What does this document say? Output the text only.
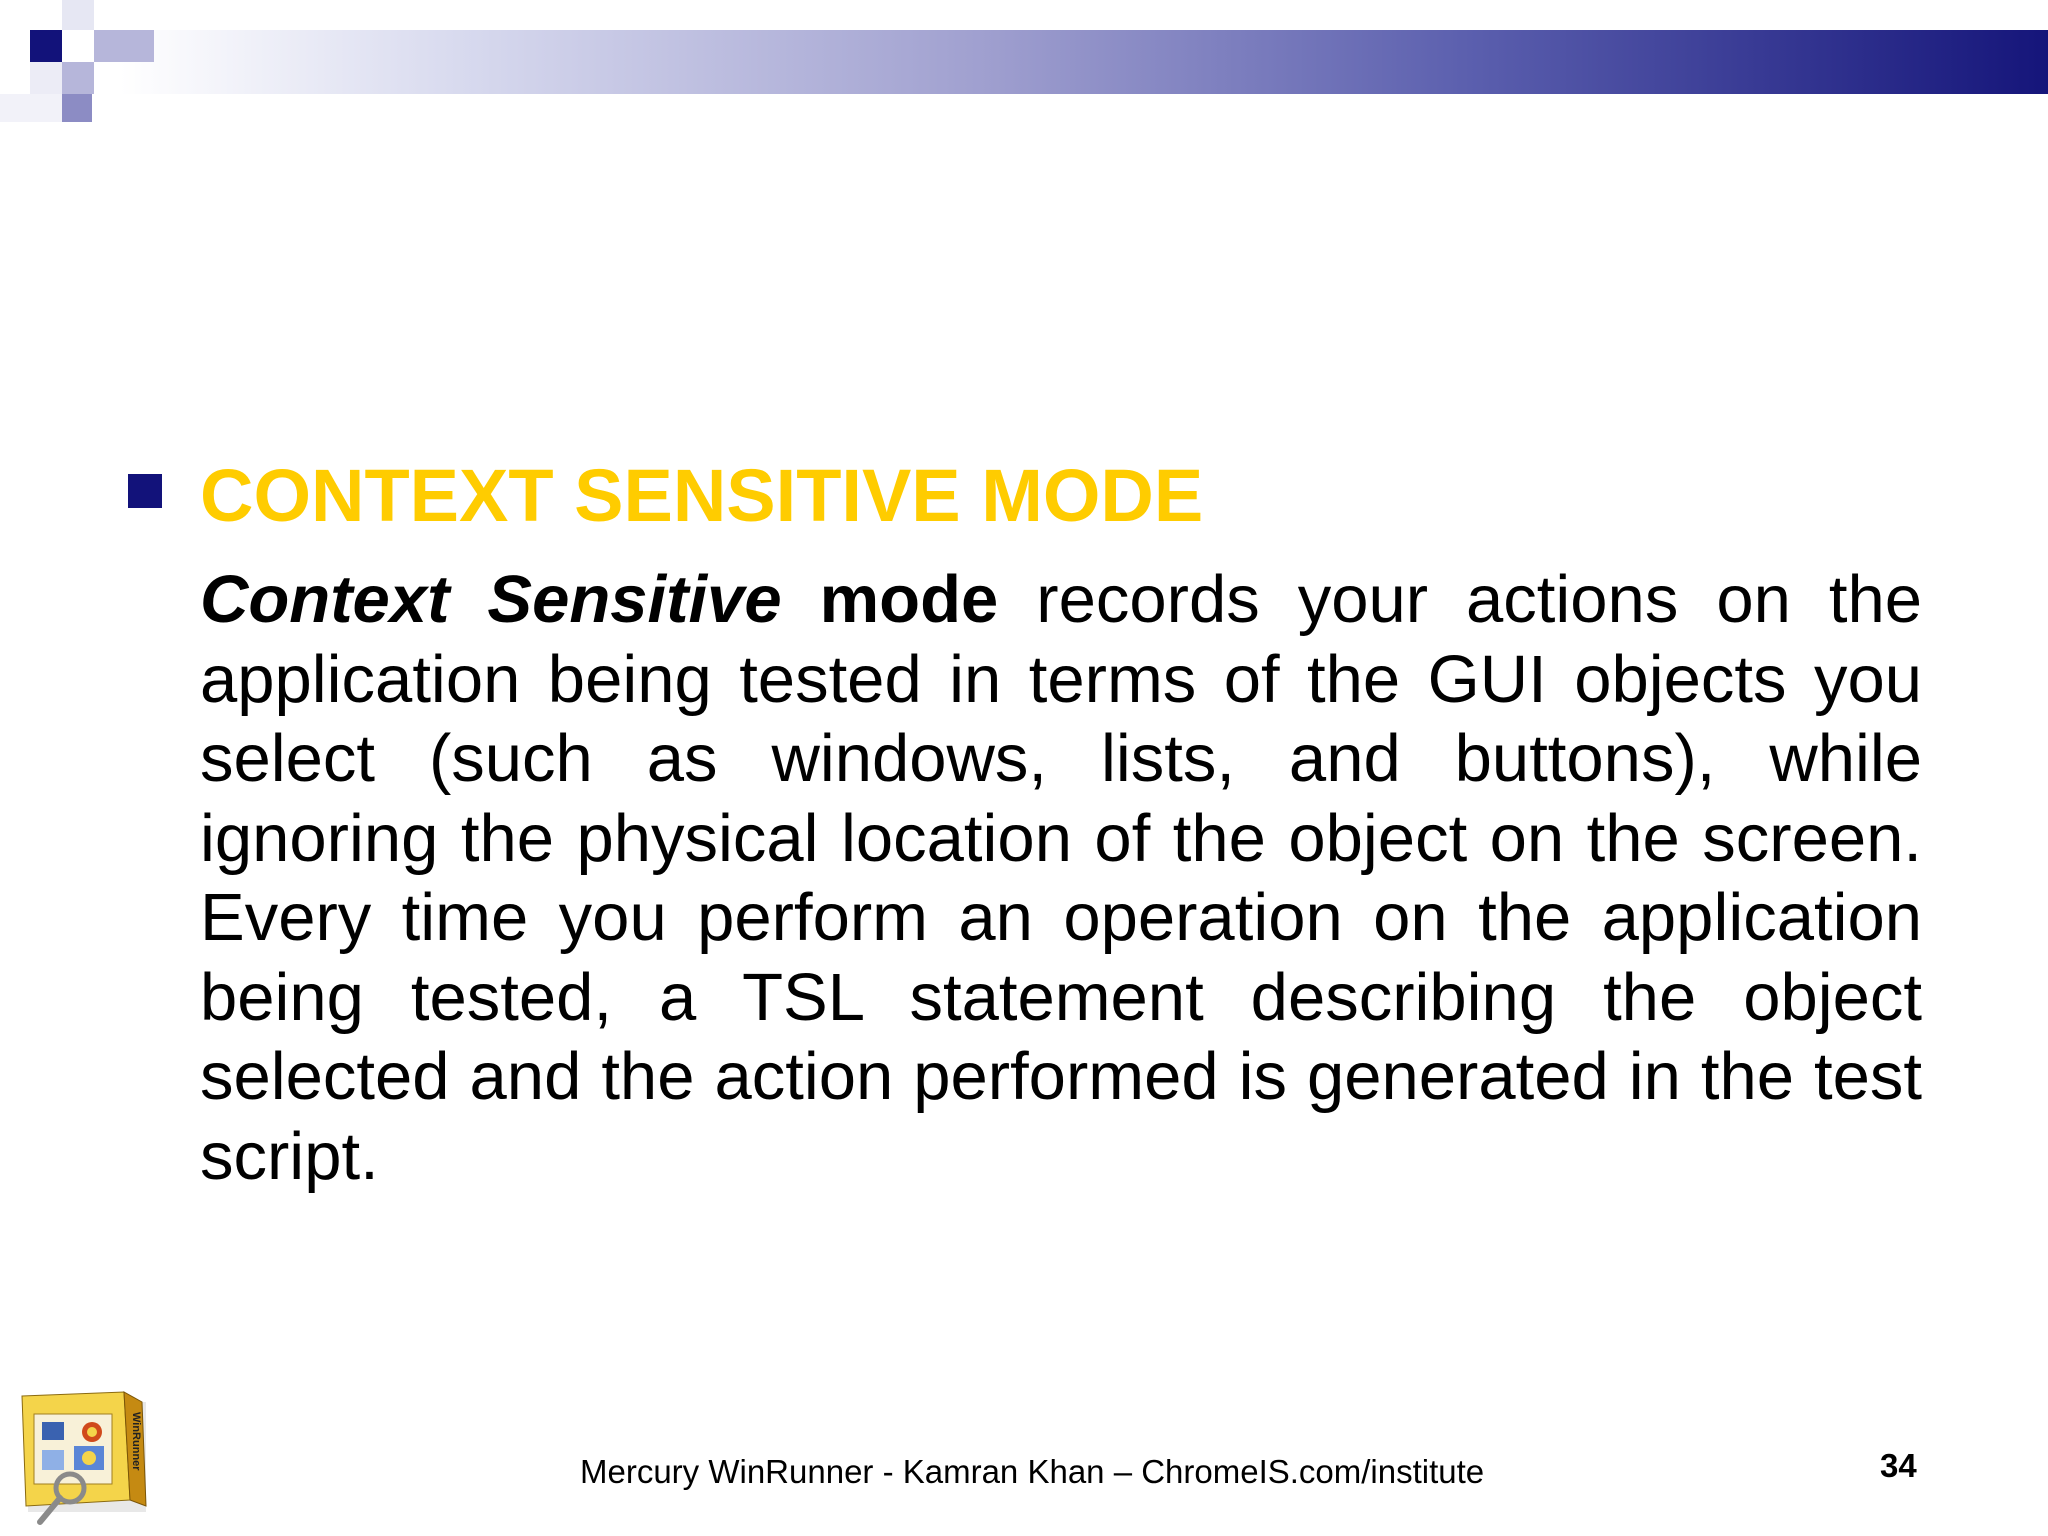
CONTEXT SENSITIVE MODE

Context Sensitive mode records your actions on the application being tested in terms of the GUI objects you select (such as windows, lists, and buttons), while ignoring the physical location of the object on the screen. Every time you perform an operation on the application being tested, a TSL statement describing the object selected and the action performed is generated in the test script.

WinRunner
Mercury WinRunner - Kamran Khan – ChromeIS.com/institute	34
